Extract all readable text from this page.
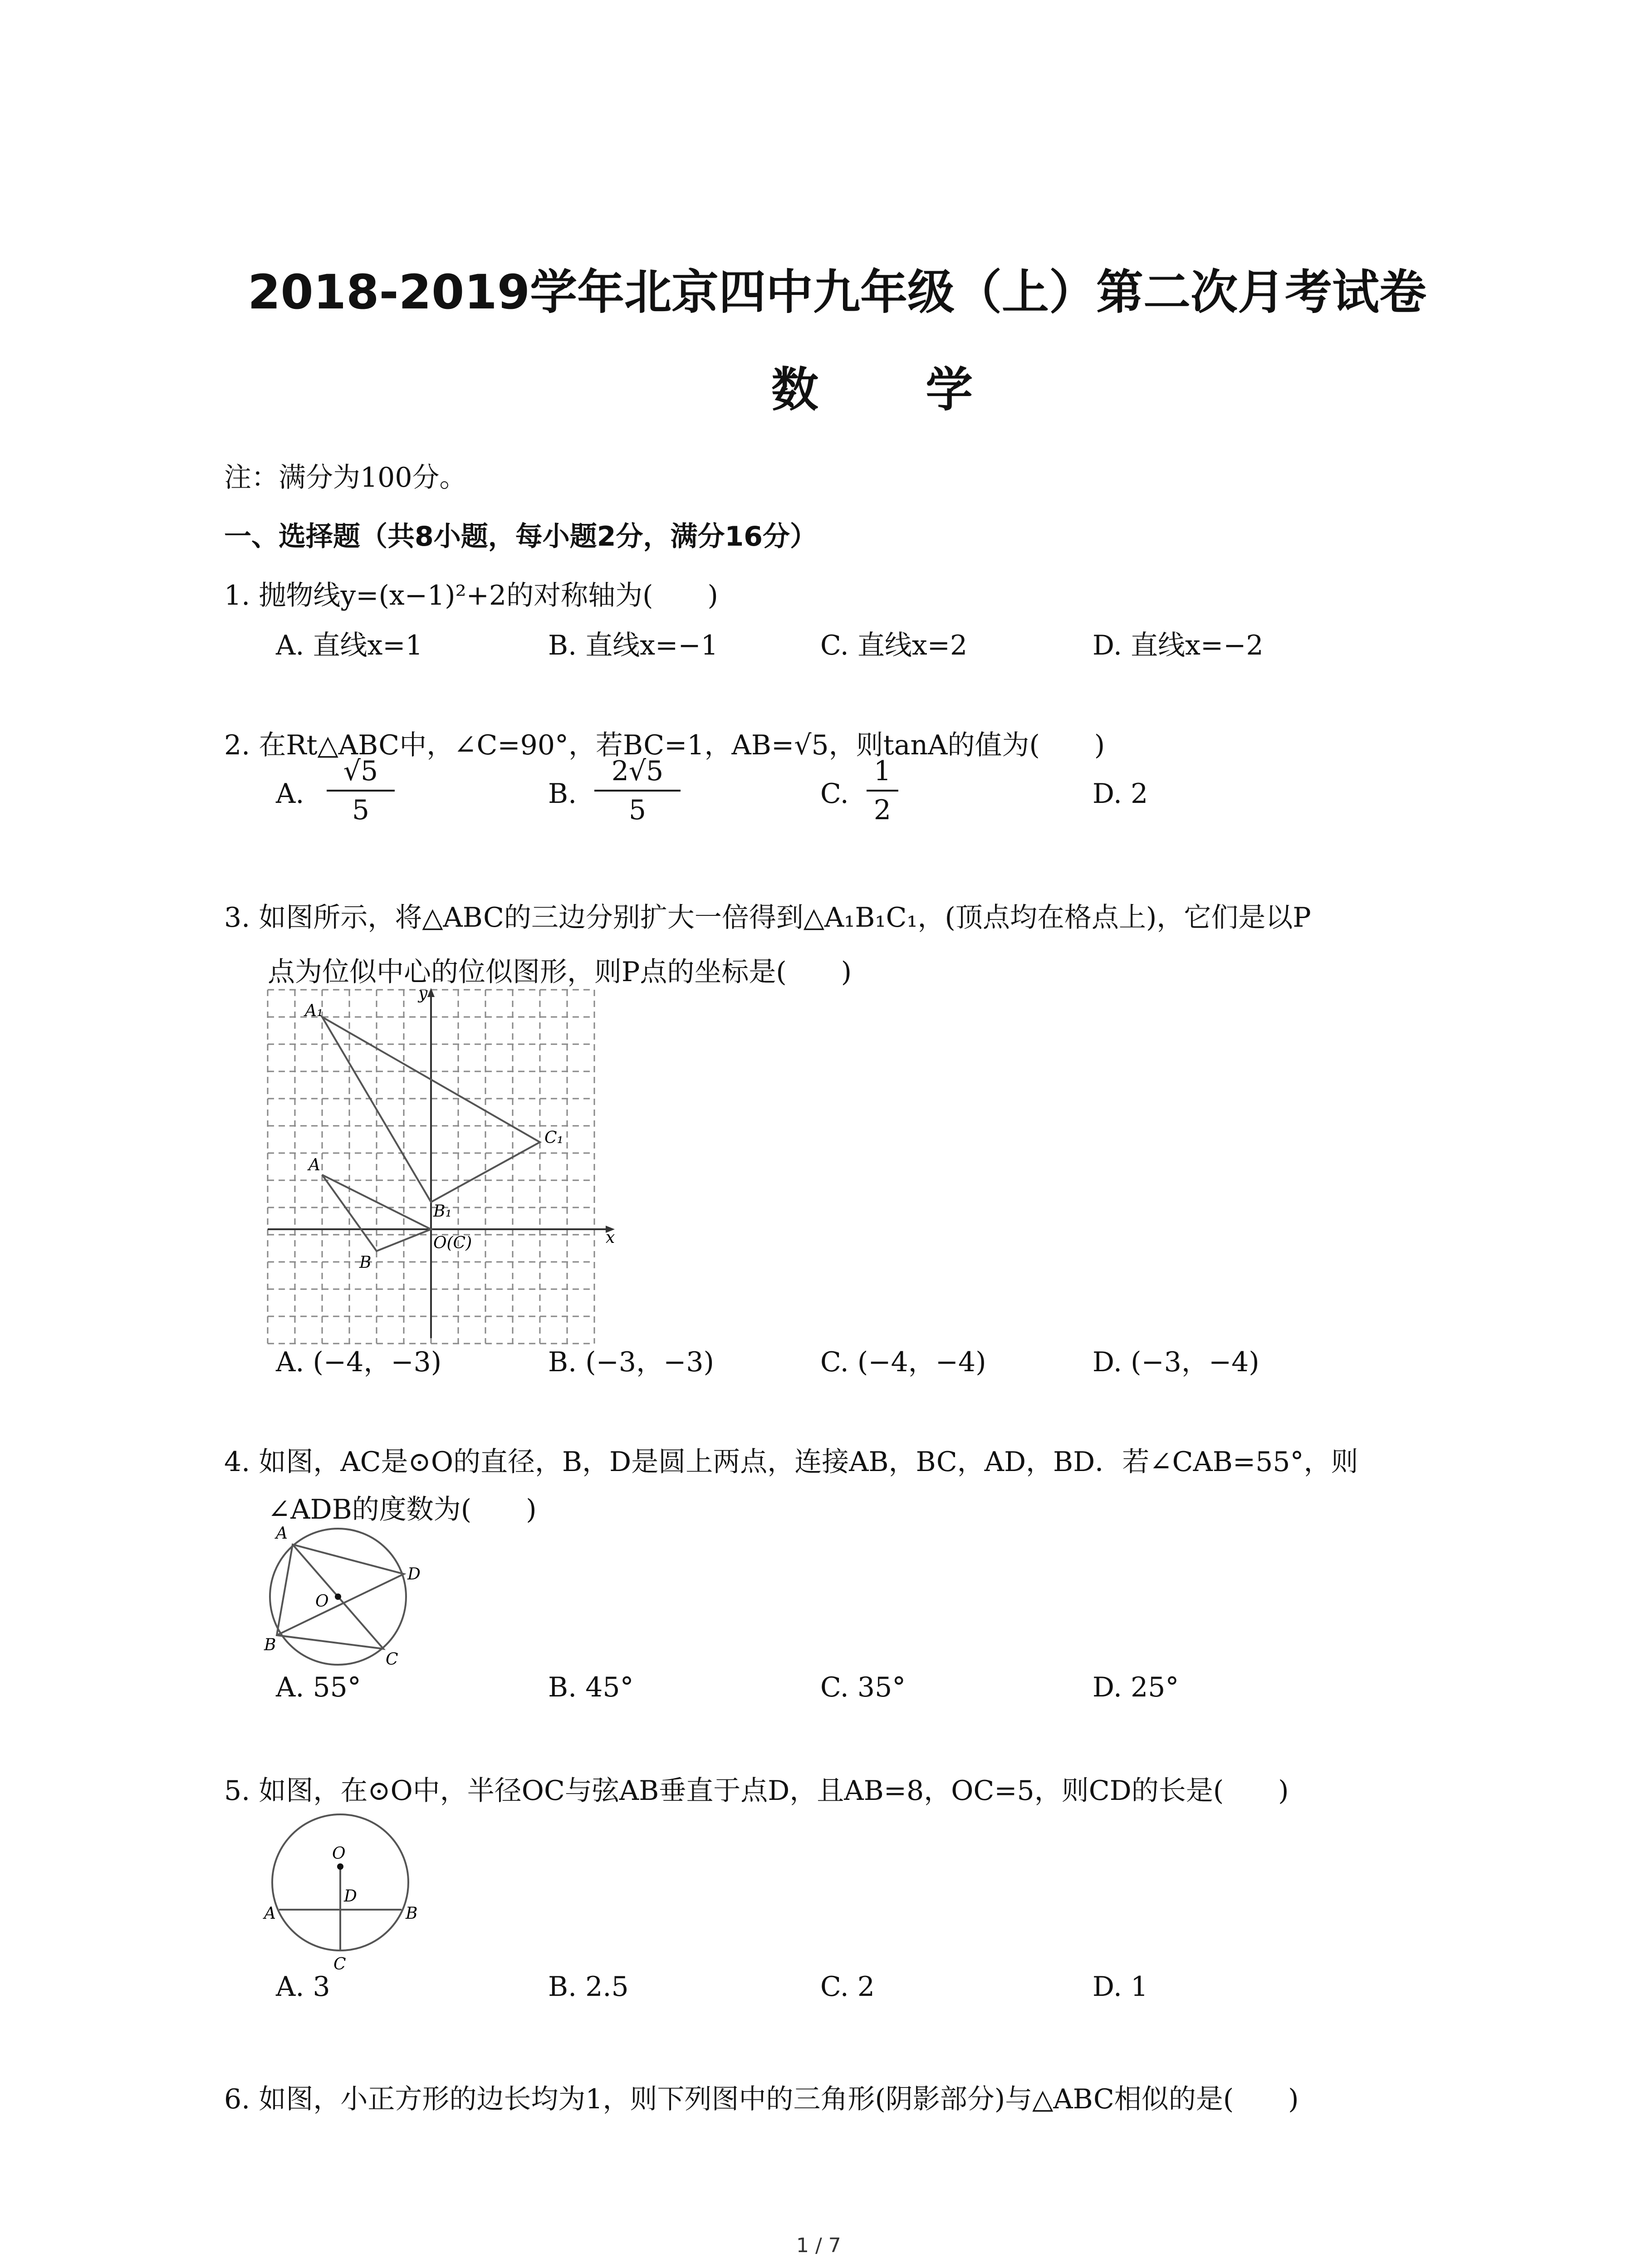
2018-2019学年北京四中九年级（上）第二次月考试卷
数 学
注：满分为100分。
一、选择题（共8小题，每小题2分，满分16分）
1. 抛物线y=(x−1)²+2的对称轴为(　　)
A. 直线x=1	B. 直线x=−1	C. 直线x=2	D. 直线x=−2
2. 在Rt△ABC中，∠C=90°，若BC=1，AB=√5，则tanA的值为(　　)
A.
√5
5
B.
2√5
5
C.
1
2
D. 2
3. 如图所示，将△ABC的三边分别扩大一倍得到△A₁B₁C₁，(顶点均在格点上)，它们是以P
点为位似中心的位似图形，则P点的坐标是(　　)
x
y
A₁
C₁
A
B₁
B
O(C)
A. (−4，−3)	B. (−3，−3)	C. (−4，−4)	D. (−3，−4)
4. 如图，AC是⊙O的直径，B，D是圆上两点，连接AB，BC，AD，BD．若∠CAB=55°，则
∠ADB的度数为(　　)
A
D
O
B
C
A. 55°	B. 45°	C. 35°	D. 25°
5. 如图，在⊙O中，半径OC与弦AB垂直于点D，且AB=8，OC=5，则CD的长是(　　)
O
D
A	B
C
A. 3	B. 2.5	C. 2	D. 1
6. 如图，小正方形的边长均为1，则下列图中的三角形(阴影部分)与△ABC相似的是(　　)
1 / 7
